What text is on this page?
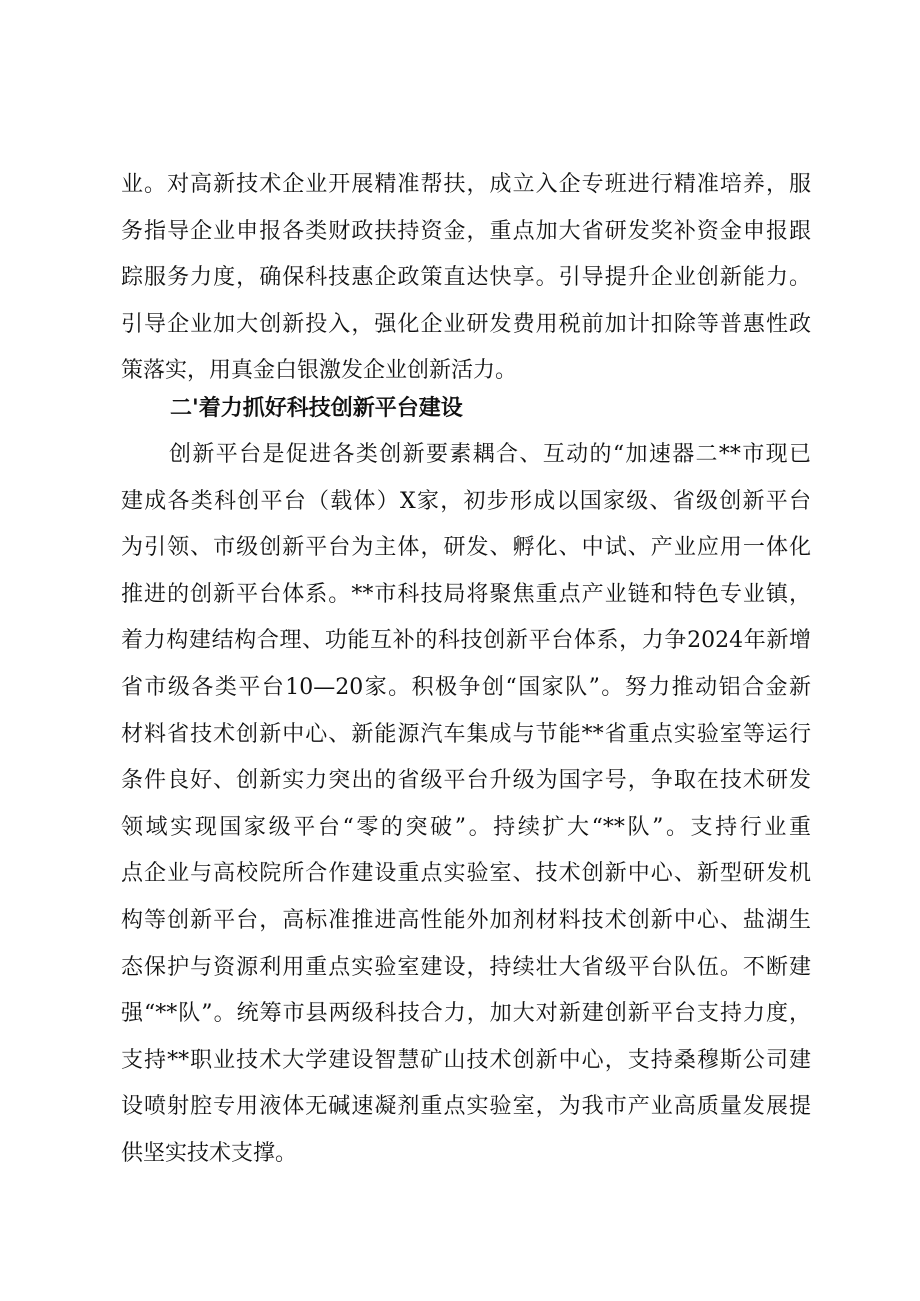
业。对高新技术企业开展精准帮扶，成立入企专班进行精准培养，服
务指导企业申报各类财政扶持资金，重点加大省研发奖补资金申报跟
踪服务力度，确保科技惠企政策直达快享。引导提升企业创新能力。
引导企业加大创新投入，强化企业研发费用税前加计扣除等普惠性政
策落实，用真金白银激发企业创新活力。
二'着力抓好科技创新平台建设
创新平台是促进各类创新要素耦合、互动的“加速器二**市现已
建成各类科创平台（载体）X家，初步形成以国家级、省级创新平台
为引领、市级创新平台为主体，研发、孵化、中试、产业应用一体化
推进的创新平台体系。**市科技局将聚焦重点产业链和特色专业镇，
着力构建结构合理、功能互补的科技创新平台体系，力争2024年新增
省市级各类平台10—20家。积极争创“国家队”。努力推动铝合金新
材料省技术创新中心、新能源汽车集成与节能**省重点实验室等运行
条件良好、创新实力突出的省级平台升级为国字号，争取在技术研发
领域实现国家级平台“零的突破”。持续扩大“**队”。支持行业重
点企业与高校院所合作建设重点实验室、技术创新中心、新型研发机
构等创新平台，高标准推进高性能外加剂材料技术创新中心、盐湖生
态保护与资源利用重点实验室建设，持续壮大省级平台队伍。不断建
强“**队”。统筹市县两级科技合力，加大对新建创新平台支持力度，
支持**职业技术大学建设智慧矿山技术创新中心，支持桑穆斯公司建
设喷射腔专用液体无碱速凝剂重点实验室，为我市产业高质量发展提
供坚实技术支撑。
